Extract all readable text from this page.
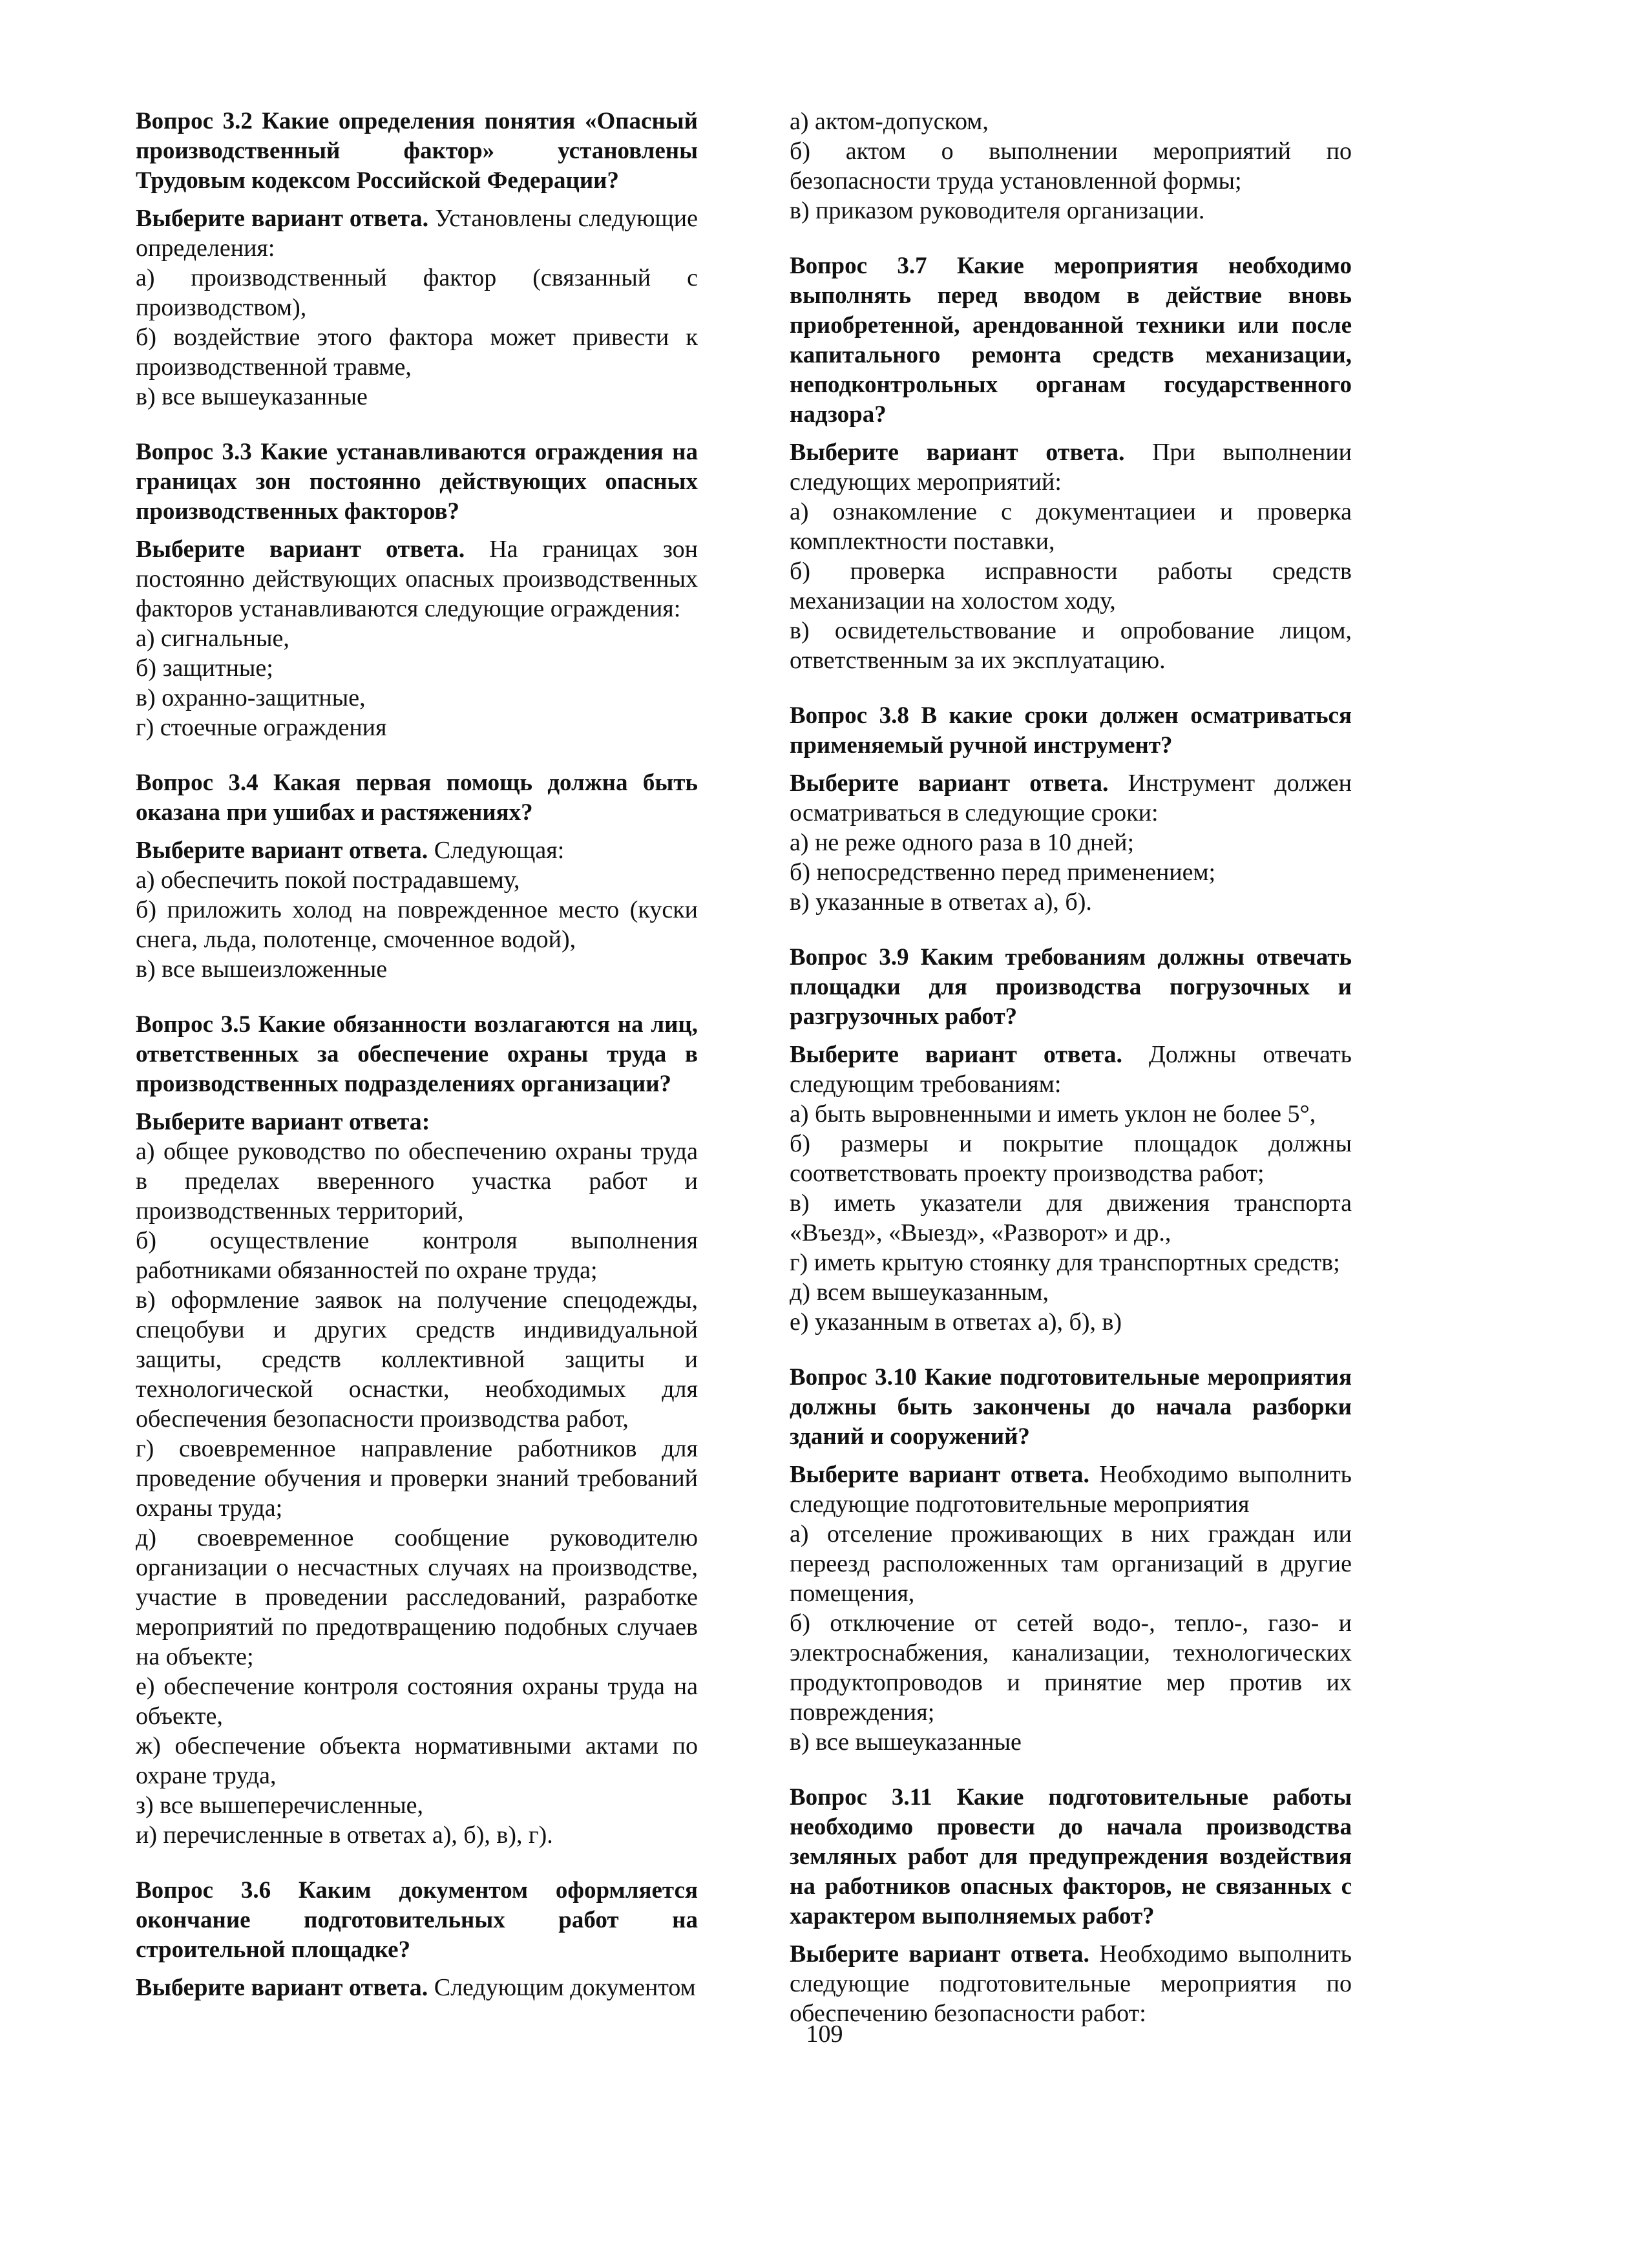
Вопрос 3.2 Какие определения понятия «Опасный производственный фактор» установлены Трудовым кодексом Российской Федерации?

Выберите вариант ответа. Установлены следующие определения:

а) производственный фактор (связанный с производством),

б) воздействие этого фактора может привести к производственной травме,

в) все вышеуказанные

Вопрос 3.3 Какие устанавливаются ограждения на границах зон постоянно действующих опасных производственных факторов?

Выберите вариант ответа. На границах зон постоянно действующих опасных производственных факторов устанавливаются следующие ограждения:

а) сигнальные,

б) защитные;

в) охранно-защитные,

г) стоечные ограждения

Вопрос 3.4 Какая первая помощь должна быть оказана при ушибах и растяжениях?

Выберите вариант ответа. Следующая:

а) обеспечить покой пострадавшему,

б) приложить холод на поврежденное место (куски снега, льда, полотенце, смоченное водой),

в) все вышеизложенные

Вопрос 3.5 Какие обязанности возлагаются на лиц, ответственных за обеспечение охраны труда в производственных подразделениях организации?

Выберите вариант ответа:

а) общее руководство по обеспечению охраны труда в пределах вверенного участка работ и производственных территорий,

б) осуществление контроля выполнения работниками обязанностей по охране труда;

в) оформление заявок на получение спецодежды, спецобуви и других средств индивидуальной защиты, средств коллективной защиты и технологической оснастки, необходимых для обеспечения безопасности производства работ,

г) своевременное направление работников для проведение обучения и проверки знаний требований охраны труда;

д) своевременное сообщение руководителю организации о несчастных случаях на производстве, участие в проведении расследований, разработке мероприятий по предотвращению подобных случаев на объекте;

е) обеспечение контроля состояния охраны труда на объекте,

ж) обеспечение объекта нормативными актами по охране труда,

з) все вышеперечисленные,

и) перечисленные в ответах а), б), в), г).

Вопрос 3.6 Каким документом оформляется окончание подготовительных работ на строительной площадке?

Выберите вариант ответа. Следующим документом

а) актом-допуском,

б) актом о выполнении мероприятий по безопасности труда установленной формы;

в) приказом руководителя организации.

Вопрос 3.7 Какие мероприятия необходимо выполнять перед вводом в действие вновь приобретенной, арендованной техники или после капитального ремонта средств механизации, неподконтрольных органам государственного надзора?

Выберите вариант ответа. При выполнении следующих мероприятий:

а) ознакомление с документациеи и проверка комплектности поставки,

б) проверка исправности работы средств механизации на холостом ходу,

в) освидетельствование и опробование лицом, ответственным за их эксплуатацию.

Вопрос 3.8 В какие сроки должен осматриваться применяемый ручной инструмент?

Выберите вариант ответа. Инструмент должен осматриваться в следующие сроки:

а) не реже одного раза в 10 дней;

б) непосредственно перед применением;

в) указанные в ответах а), б).

Вопрос 3.9 Каким требованиям должны отвечать площадки для производства погрузочных и разгрузочных работ?

Выберите вариант ответа. Должны отвечать следующим требованиям:

а) быть выровненными и иметь уклон не более 5°,

б) размеры и покрытие площадок должны соответствовать проекту производства работ;

в) иметь указатели для движения транспорта «Въезд», «Выезд», «Разворот» и др.,

г) иметь крытую стоянку для транспортных средств;

д) всем вышеуказанным,

е) указанным в ответах а), б), в)

Вопрос 3.10 Какие подготовительные мероприятия должны быть закончены до начала разборки зданий и сооружений?

Выберите вариант ответа. Необходимо выполнить следующие подготовительные мероприятия

а) отселение проживающих в них граждан или переезд расположенных там организаций в другие помещения,

б) отключение от сетей водо-, тепло-, газо- и электроснабжения, канализации, технологических продуктопроводов и принятие мер против их повреждения;

в) все вышеуказанные

Вопрос 3.11 Какие подготовительные работы необходимо провести до начала производства земляных работ для предупреждения воздействия на работников опасных факторов, не связанных с характером выполняемых работ?

Выберите вариант ответа. Необходимо выполнить следующие подготовительные мероприятия по обеспечению безопасности работ:

109
